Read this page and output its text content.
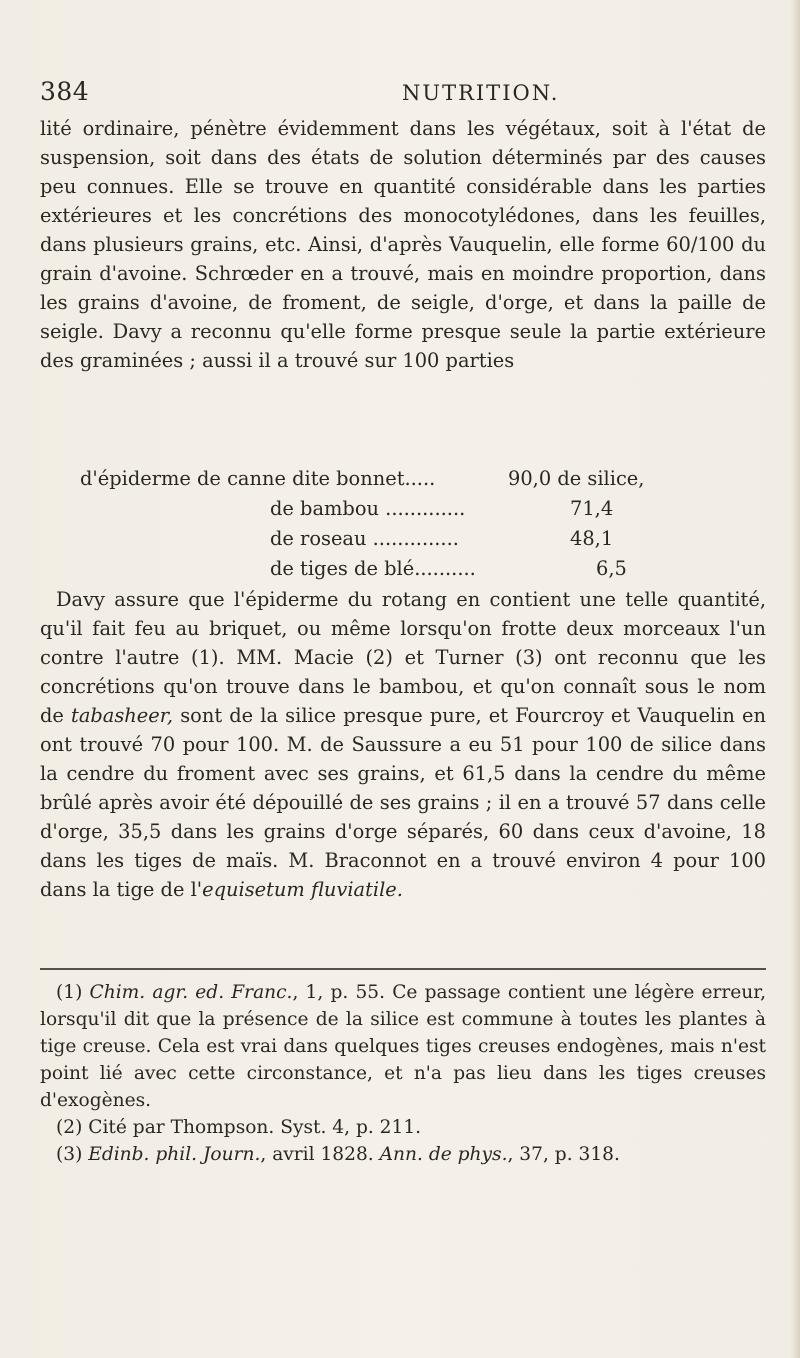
384	NUTRITION.

lité ordinaire, pénètre évidemment dans les végétaux, soit à l'état de suspension, soit dans des états de solution déterminés par des causes peu connues. Elle se trouve en quantité considérable dans les parties extérieures et les concrétions des monocotylédones, dans les feuilles, dans plusieurs grains, etc. Ainsi, d'après Vauquelin, elle forme 60/100 du grain d'avoine. Schrœder en a trouvé, mais en moindre proportion, dans les grains d'avoine, de froment, de seigle, d'orge, et dans la paille de seigle. Davy a reconnu qu'elle forme presque seule la partie extérieure des graminées ; aussi il a trouvé sur 100 parties

d'épiderme de canne dite bonnet.....	90,0 de silice,
de bambou .............	71,4
de roseau ..............	48,1
de tiges de blé..........	6,5

Davy assure que l'épiderme du rotang en contient une telle quantité, qu'il fait feu au briquet, ou même lorsqu'on frotte deux morceaux l'un contre l'autre (1). MM. Macie (2) et Turner (3) ont reconnu que les concrétions qu'on trouve dans le bambou, et qu'on connaît sous le nom de tabasheer, sont de la silice presque pure, et Fourcroy et Vauquelin en ont trouvé 70 pour 100. M. de Saussure a eu 51 pour 100 de silice dans la cendre du froment avec ses grains, et 61,5 dans la cendre du même brûlé après avoir été dépouillé de ses grains ; il en a trouvé 57 dans celle d'orge, 35,5 dans les grains d'orge séparés, 60 dans ceux d'avoine, 18 dans les tiges de maïs. M. Braconnot en a trouvé environ 4 pour 100 dans la tige de l'equisetum fluviatile.

(1) Chim. agr. ed. Franc., 1, p. 55. Ce passage contient une légère erreur, lorsqu'il dit que la présence de la silice est commune à toutes les plantes à tige creuse. Cela est vrai dans quelques tiges creuses endogènes, mais n'est point lié avec cette circonstance, et n'a pas lieu dans les tiges creuses d'exogènes.

(2) Cité par Thompson. Syst. 4, p. 211.

(3) Edinb. phil. Journ., avril 1828. Ann. de phys., 37, p. 318.
